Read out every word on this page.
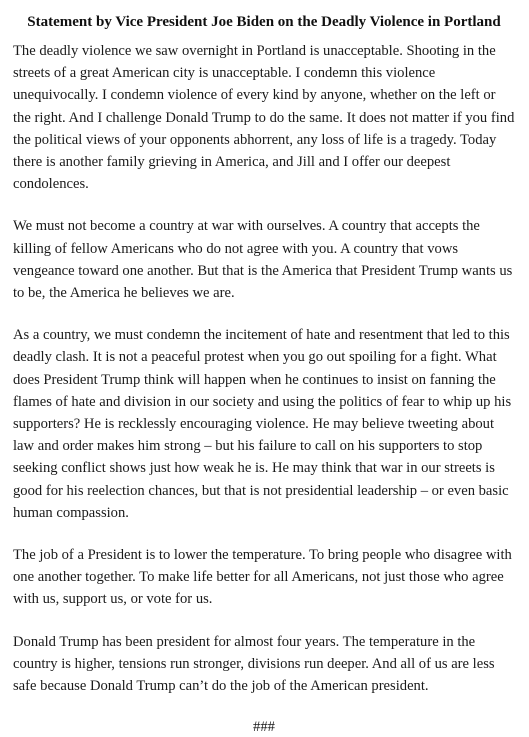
Statement by Vice President Joe Biden on the Deadly Violence in Portland

The deadly violence we saw overnight in Portland is unacceptable. Shooting in the streets of a great American city is unacceptable. I condemn this violence unequivocally. I condemn violence of every kind by anyone, whether on the left or the right. And I challenge Donald Trump to do the same. It does not matter if you find the political views of your opponents abhorrent, any loss of life is a tragedy. Today there is another family grieving in America, and Jill and I offer our deepest condolences.

We must not become a country at war with ourselves. A country that accepts the killing of fellow Americans who do not agree with you. A country that vows vengeance toward one another. But that is the America that President Trump wants us to be, the America he believes we are.

As a country, we must condemn the incitement of hate and resentment that led to this deadly clash. It is not a peaceful protest when you go out spoiling for a fight. What does President Trump think will happen when he continues to insist on fanning the flames of hate and division in our society and using the politics of fear to whip up his supporters? He is recklessly encouraging violence. He may believe tweeting about law and order makes him strong – but his failure to call on his supporters to stop seeking conflict shows just how weak he is. He may think that war in our streets is good for his reelection chances, but that is not presidential leadership – or even basic human compassion.

The job of a President is to lower the temperature. To bring people who disagree with one another together. To make life better for all Americans, not just those who agree with us, support us, or vote for us.

Donald Trump has been president for almost four years. The temperature in the country is higher, tensions run stronger, divisions run deeper. And all of us are less safe because Donald Trump can’t do the job of the American president.

###
